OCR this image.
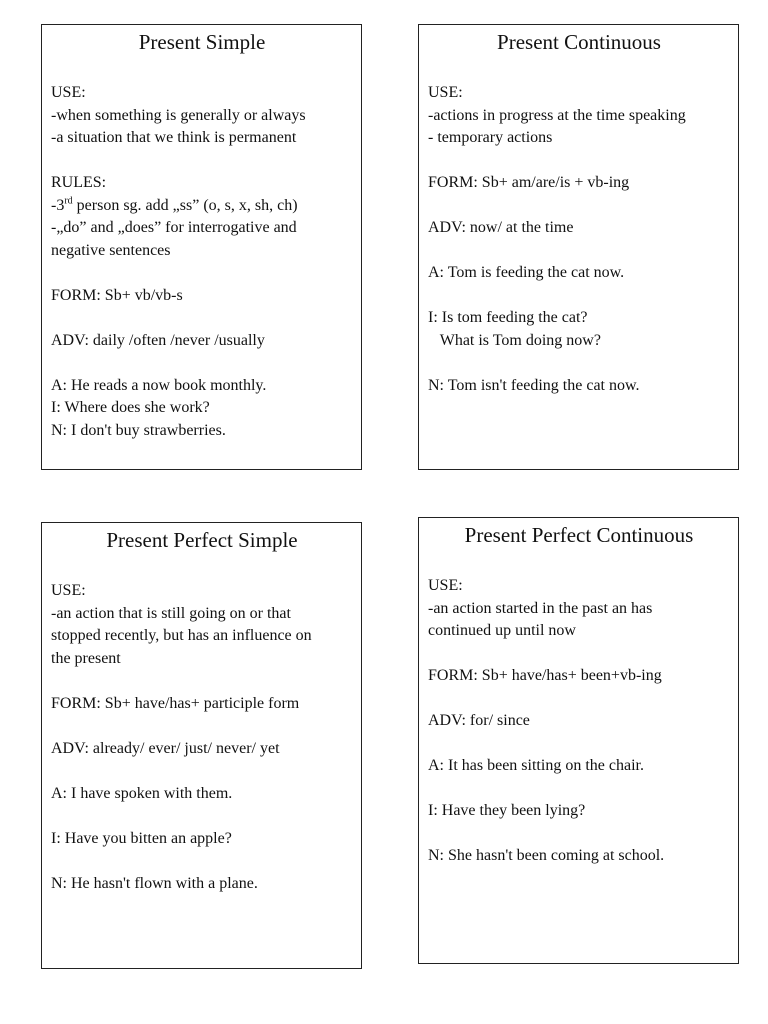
Present Simple
USE:
-when something is generally or always
-a situation that we think is permanent
RULES:
-3rd person sg. add „ss” (o, s, x, sh, ch)
-„do” and „does” for interrogative and
negative sentences
FORM: Sb+ vb/vb-s
ADV: daily /often /never /usually
A: He reads a now book monthly.
I: Where does she work?
N: I don't buy strawberries.
Present Continuous
USE:
-actions in progress at the time speaking
- temporary actions
FORM: Sb+ am/are/is + vb-ing
ADV: now/ at the time
A: Tom is feeding the cat now.
I: Is tom feeding the cat?
What is Tom doing now?
N: Tom isn't feeding the cat now.
Present Perfect Simple
USE:
-an action that is still going on or that
stopped recently, but has an influence on
the present
FORM: Sb+ have/has+ participle form
ADV: already/ ever/ just/ never/ yet
A: I have spoken with them.
I: Have you bitten an apple?
N: He hasn't flown with a plane.
Present Perfect Continuous
USE:
-an action started in the past an has
continued up until now
FORM: Sb+ have/has+ been+vb-ing
ADV: for/ since
A: It has been sitting on the chair.
I: Have they been lying?
N: She hasn't been coming at school.
